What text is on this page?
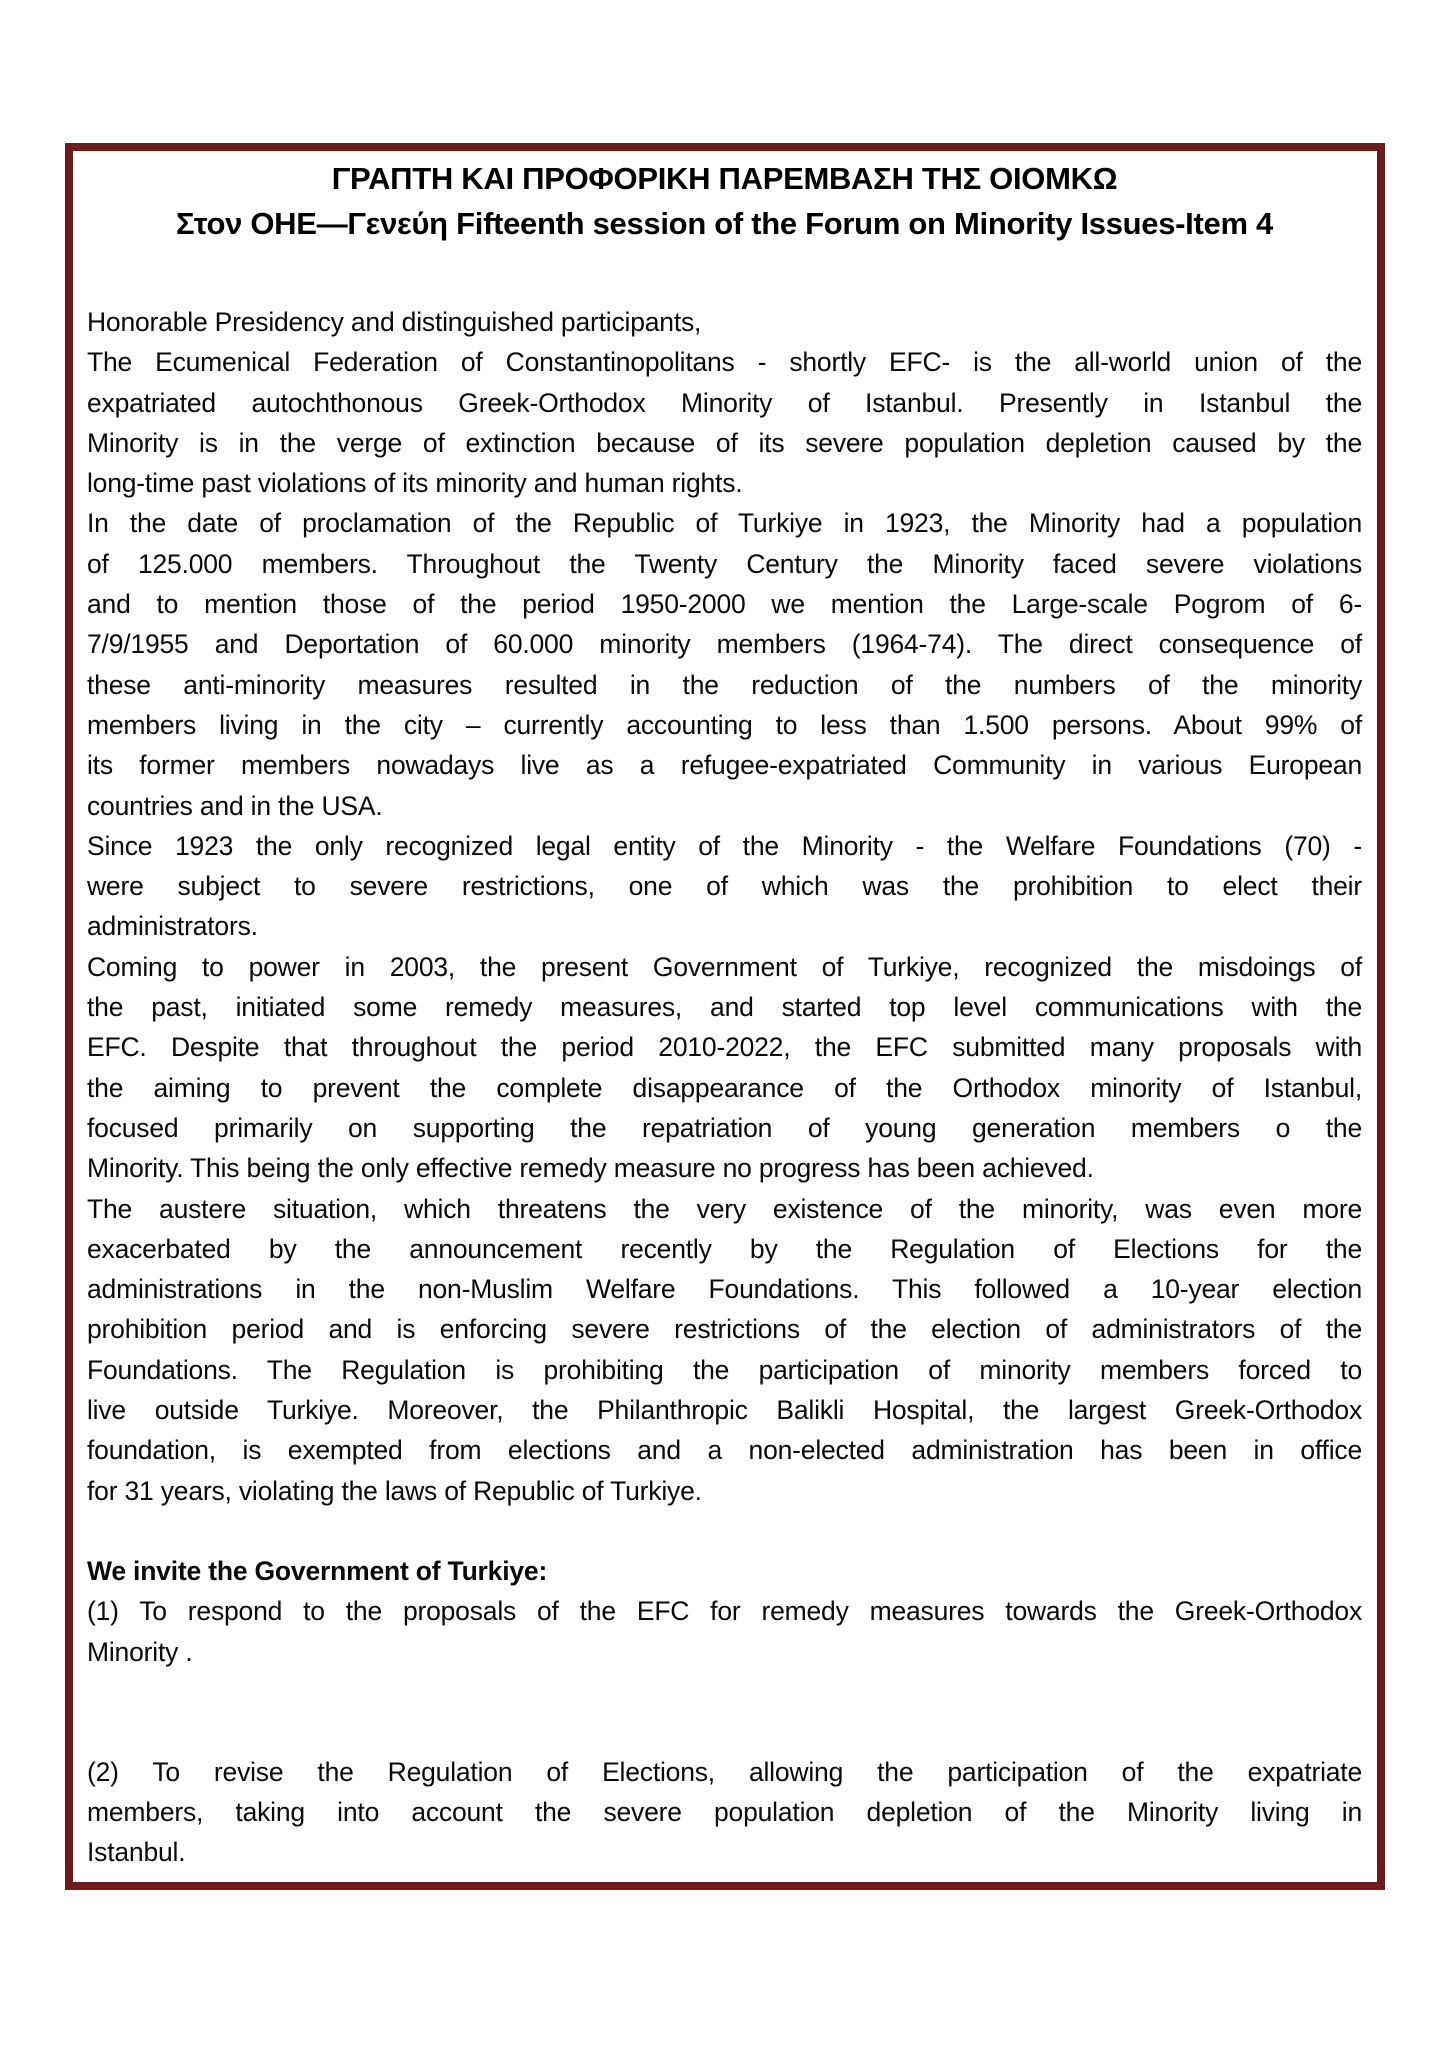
ΓΡΑΠΤΗ ΚΑΙ ΠΡΟΦΟΡΙΚΗ ΠΑΡΕΜΒΑΣΗ ΤΗΣ ΟΙΟΜΚΩ
Στον ΟΗΕ—Γενεύη Fifteenth session of the Forum on Minority Issues-Item 4
Honorable Presidency and distinguished participants,
The Ecumenical Federation of Constantinopolitans - shortly EFC- is the all-world union of the
expatriated autochthonous Greek-Orthodox Minority of Istanbul. Presently in Istanbul the
Minority is in the verge of extinction because of its severe population depletion caused by the
long-time past violations of its minority and human rights.
In the date of proclamation of the Republic of Turkiye in 1923, the Minority had a population
of 125.000 members. Throughout the Twenty Century the Minority faced severe violations
and to mention those of the period 1950-2000 we mention the Large-scale Pogrom of 6-
7/9/1955 and Deportation of 60.000 minority members (1964-74). The direct consequence of
these anti-minority measures resulted in the reduction of the numbers of the minority
members living in the city – currently accounting to less than 1.500 persons. About 99% of
its former members nowadays live as a refugee-expatriated Community in various European
countries and in the USA.
Since 1923 the only recognized legal entity of the Minority - the Welfare Foundations (70) -
were subject to severe restrictions, one of which was the prohibition to elect their
administrators.
Coming to power in 2003, the present Government of Turkiye, recognized the misdoings of
the past, initiated some remedy measures, and started top level communications with the
EFC. Despite that throughout the period 2010-2022, the EFC submitted many proposals with
the aiming to prevent the complete disappearance of the Orthodox minority of Istanbul,
focused primarily on supporting the repatriation of young generation members o the
Minority. This being the only effective remedy measure no progress has been achieved.
The austere situation, which threatens the very existence of the minority, was even more
exacerbated by the announcement recently by the Regulation of Elections for the
administrations in the non-Muslim Welfare Foundations. This followed a 10-year election
prohibition period and is enforcing severe restrictions of the election of administrators of the
Foundations. The Regulation is prohibiting the participation of minority members forced to
live outside Turkiye. Moreover, the Philanthropic Balikli Hospital, the largest Greek-Orthodox
foundation, is exempted from elections and a non-elected administration has been in office
for 31 years, violating the laws of Republic of Turkiye.
We invite the Government of Turkiye:
(1) To respond to the proposals of the EFC for remedy measures towards the Greek-Orthodox
Minority .
(2) To revise the Regulation of Elections, allowing the participation of the expatriate
members, taking into account the severe population depletion of the Minority living in
Istanbul.
